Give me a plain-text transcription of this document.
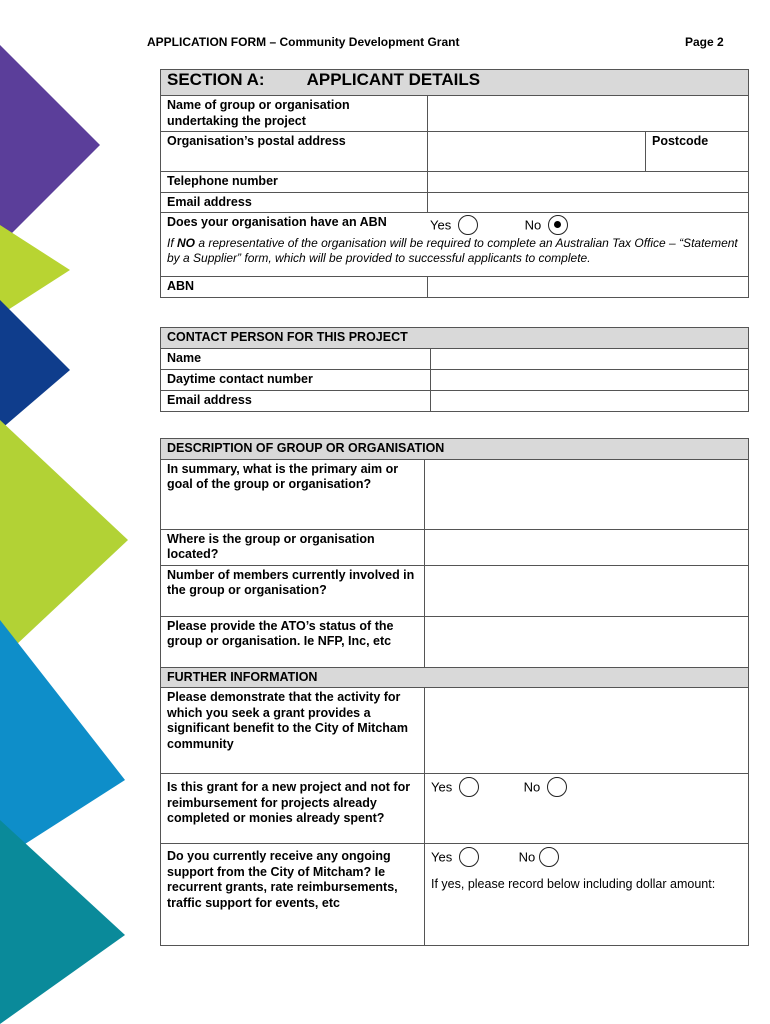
APPLICATION FORM – Community Development Grant	Page 2
SECTION A: APPLICANT DETAILS		
Name of group or organisation undertaking the project		
Organisation’s postal address		Postcode
Telephone number		
Email address		

Does your organisation have an ABN Yes No
If NO a representative of the organisation will be required to complete an Australian Tax Office – “Statement by a Supplier” form, which will be provided to successful applicants to complete.		

ABN		
CONTACT PERSON FOR THIS PROJECT	
Name	
Daytime contact number	
Email address	
DESCRIPTION OF GROUP OR ORGANISATION	
In summary, what is the primary aim or goal of the group or organisation?	
Where is the group or organisation located?	
Number of members currently involved in the group or organisation?	
Please provide the ATO’s status of the group or organisation. Ie NFP, Inc, etc	
FURTHER INFORMATION	
Please demonstrate that the activity for which you seek a grant provides a significant benefit to the City of Mitcham community	
Is this grant for a new project and not for reimbursement for projects already completed or monies already spent?	Yes No
Do you currently receive any ongoing support from the City of Mitcham? Ie recurrent grants, rate reimbursements, traffic support for events, etc	Yes No
If yes, please record below including dollar amount:
